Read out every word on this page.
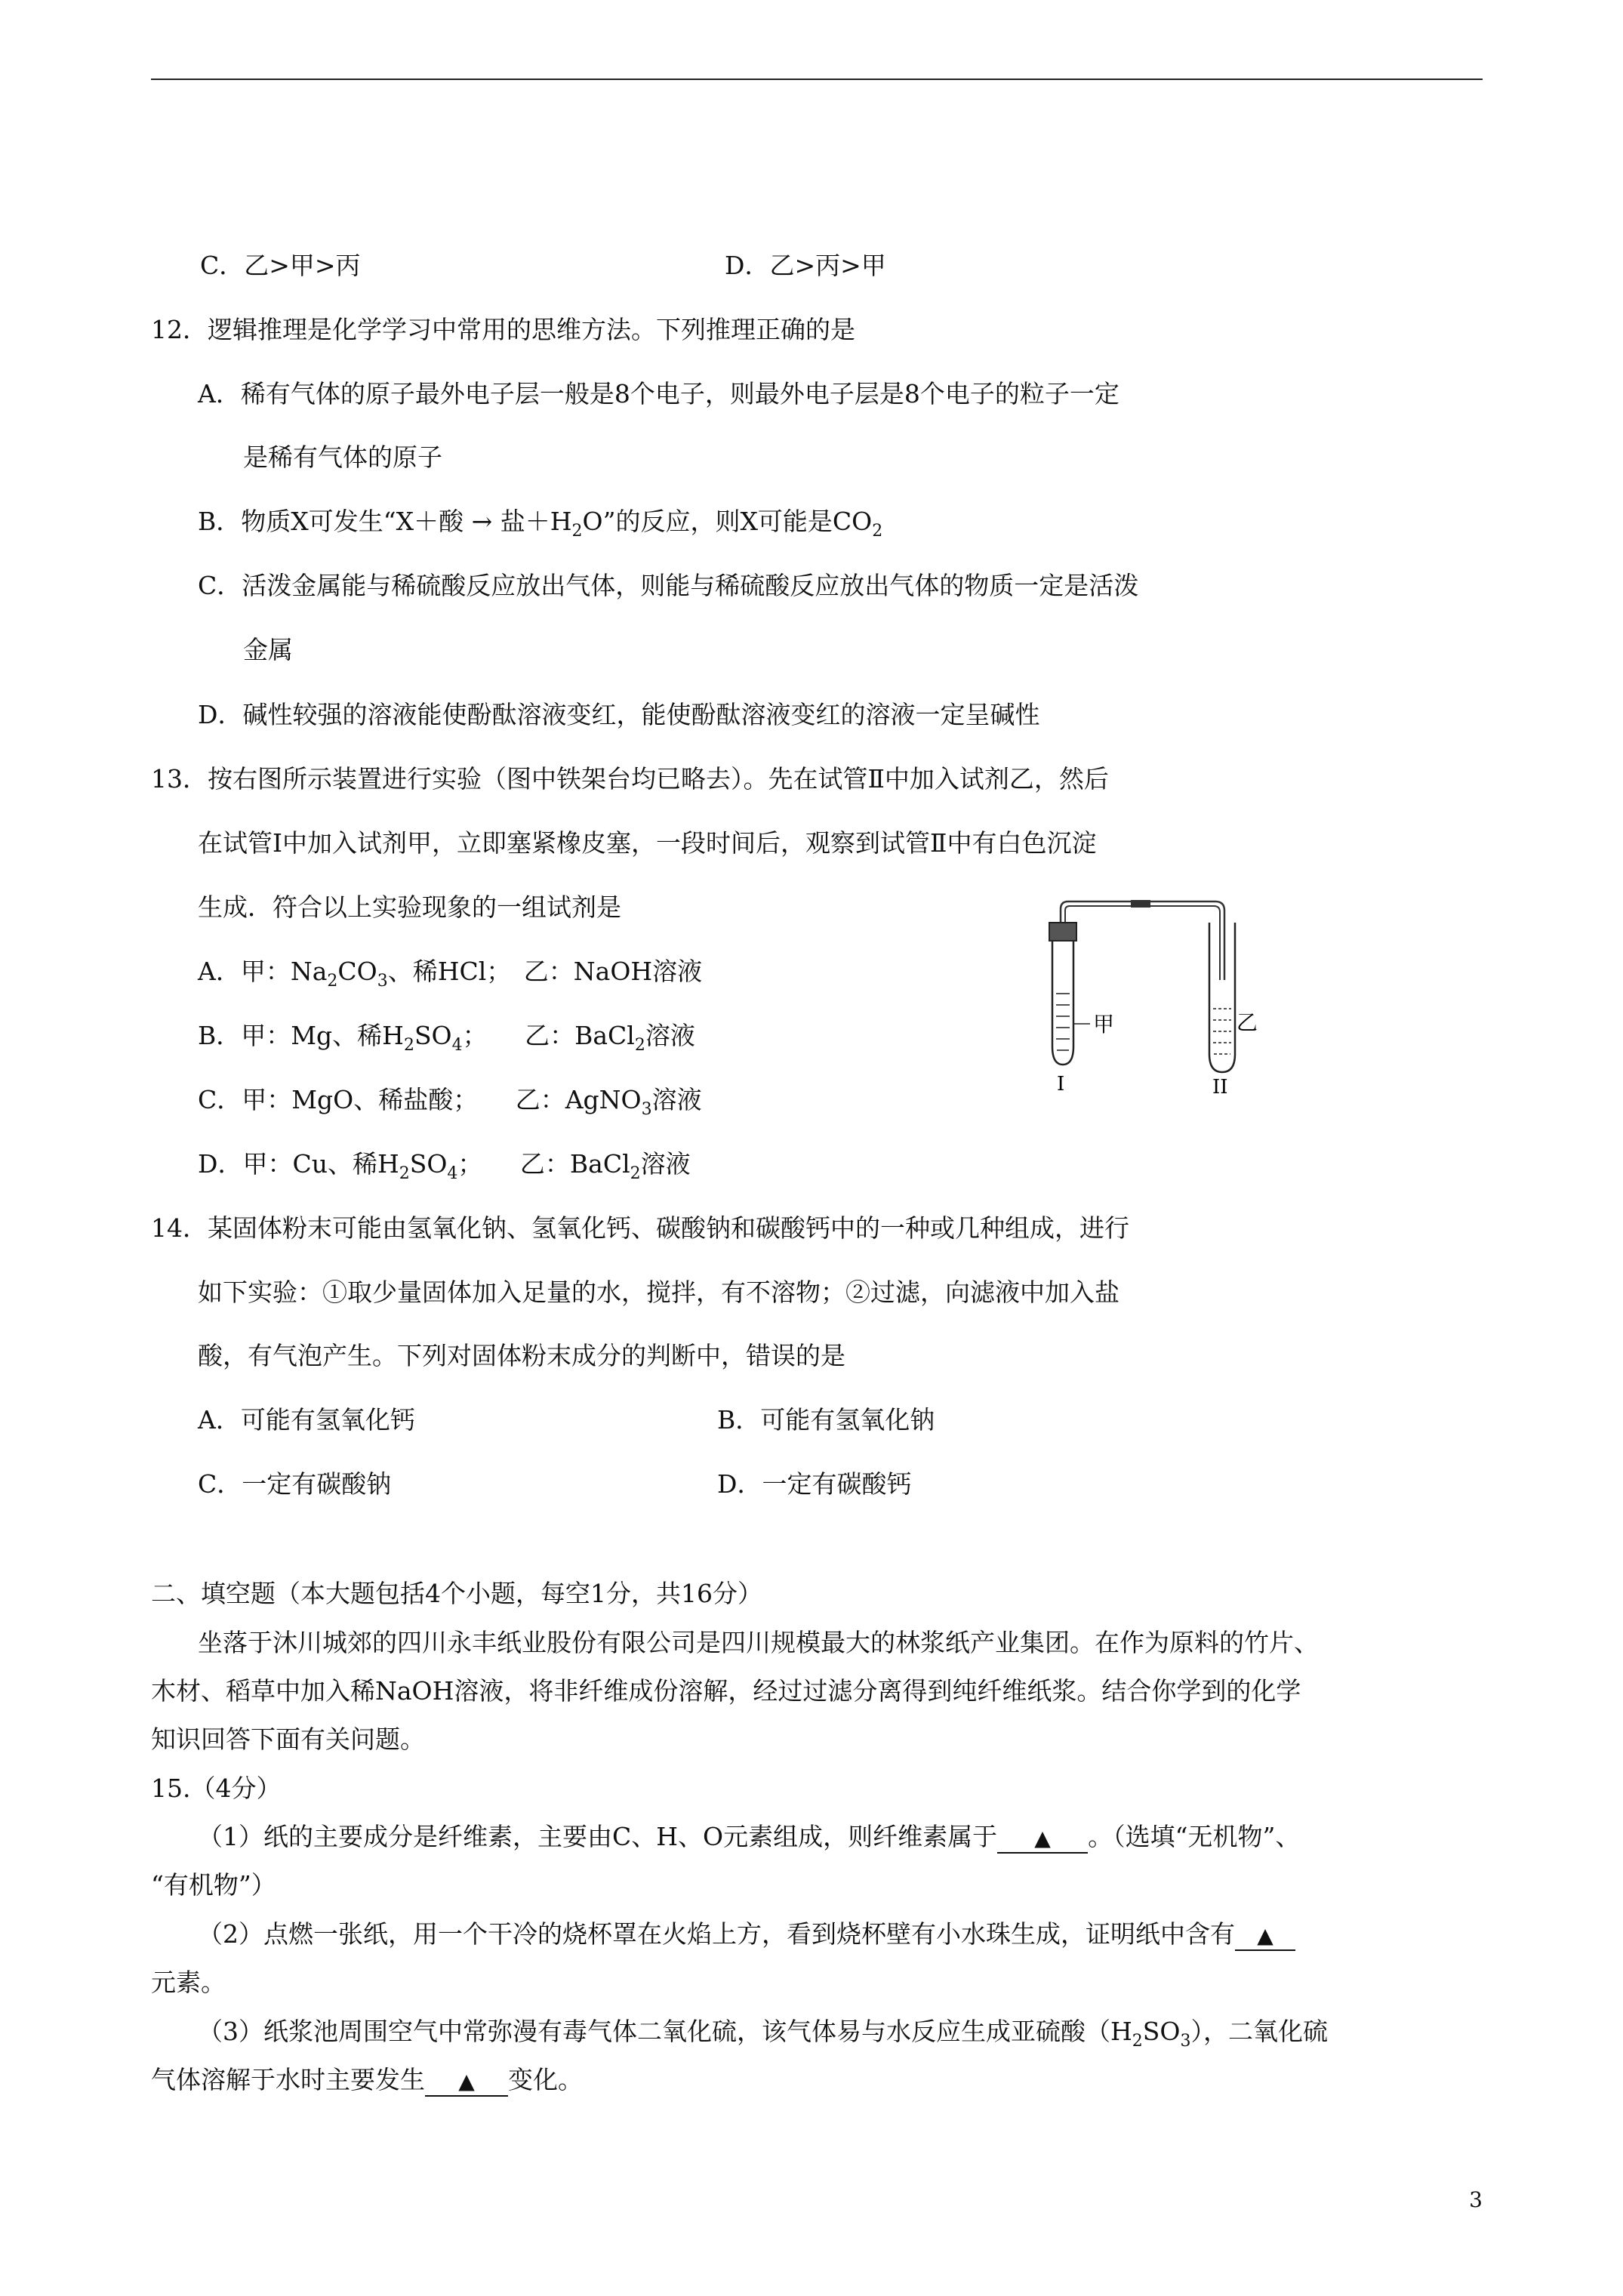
C．乙>甲>丙	D．乙>丙>甲
12．逻辑推理是化学学习中常用的思维方法。下列推理正确的是
A．稀有气体的原子最外电子层一般是8个电子，则最外电子层是8个电子的粒子一定
是稀有气体的原子
B．物质X可发生“X＋酸 → 盐$+H_2O$”的反应，则X可能是$CO_2$
C．活泼金属能与稀硫酸反应放出气体，则能与稀硫酸反应放出气体的物质一定是活泼
金属
D．碱性较强的溶液能使酚酞溶液变红，能使酚酞溶液变红的溶液一定呈碱性
13．按右图所示装置进行实验（图中铁架台均已略去）。先在试管Ⅱ中加入试剂乙，然后
在试管Ⅰ中加入试剂甲，立即塞紧橡皮塞，一段时间后，观察到试管Ⅱ中有白色沉淀
生成．符合以上实验现象的一组试剂是
A．甲：$Na_2CO_3$、稀HCl；　乙：NaOH溶液
B．甲：Mg、稀$H_2SO_4$；　　乙：BaCl$_2$溶液
C．甲：MgO、稀盐酸；　　乙：AgNO$_3$溶液
D．甲：Cu、稀$H_2SO_4$；　　乙：BaCl$_2$溶液
甲
I
乙
II
14．某固体粉末可能由氢氧化钠、氢氧化钙、碳酸钠和碳酸钙中的一种或几种组成，进行
如下实验：①取少量固体加入足量的水，搅拌，有不溶物；②过滤，向滤液中加入盐
酸，有气泡产生。下列对固体粉末成分的判断中，错误的是
A．可能有氢氧化钙	B．可能有氢氧化钠
C．一定有碳酸钠	D．一定有碳酸钙
二、填空题（本大题包括4个小题，每空1分，共16分）
坐落于沐川城郊的四川永丰纸业股份有限公司是四川规模最大的林浆纸产业集团。在作为原料的竹片、
木材、稻草中加入稀NaOH溶液，将非纤维成份溶解，经过过滤分离得到纯纤维纸浆。结合你学到的化学
知识回答下面有关问题。
15.（4分）
（1）纸的主要成分是纤维素，主要由C、H、O元素组成，则纤维素属于 ▲ 。（选填“无机物”、
“有机物”）
（2）点燃一张纸，用一个干冷的烧杯罩在火焰上方，看到烧杯壁有小水珠生成，证明纸中含有 ▲
元素。
（3）纸浆池周围空气中常弥漫有毒气体二氧化硫，该气体易与水反应生成亚硫酸$(H_2SO_3)$，二氧化硫
气体溶解于水时主要发生 ▲ 变化。
3
